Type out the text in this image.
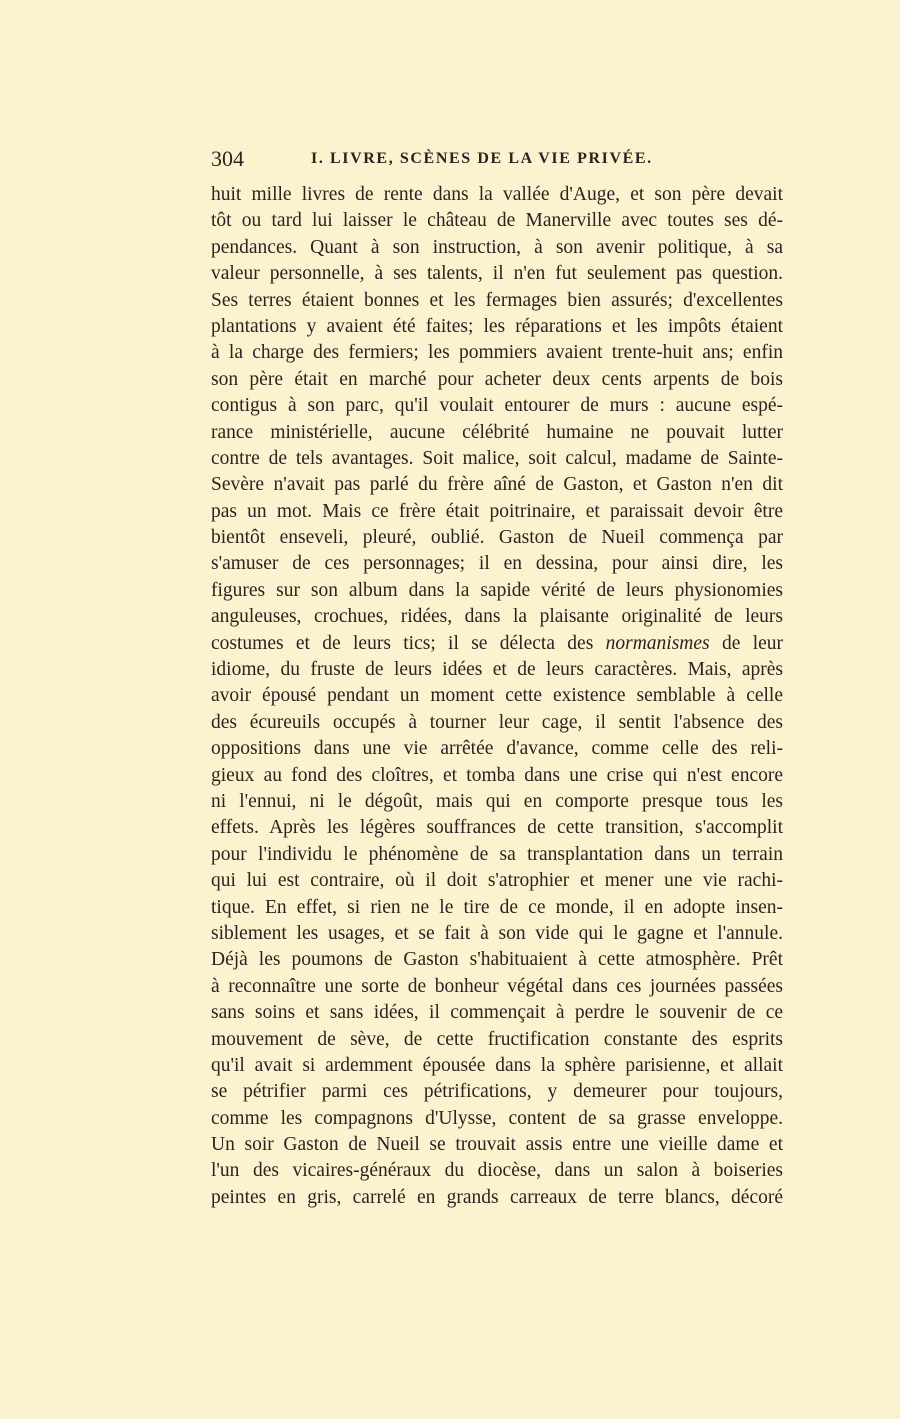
304	I. LIVRE, SCÈNES DE LA VIE PRIVÉE.
huit mille livres de rente dans la vallée d'Auge, et son père devait
tôt ou tard lui laisser le château de Manerville avec toutes ses dé-
pendances. Quant à son instruction, à son avenir politique, à sa
valeur personnelle, à ses talents, il n'en fut seulement pas question.
Ses terres étaient bonnes et les fermages bien assurés; d'excellentes
plantations y avaient été faites; les réparations et les impôts étaient
à la charge des fermiers; les pommiers avaient trente-huit ans; enfin
son père était en marché pour acheter deux cents arpents de bois
contigus à son parc, qu'il voulait entourer de murs : aucune espé-
rance ministérielle, aucune célébrité humaine ne pouvait lutter
contre de tels avantages. Soit malice, soit calcul, madame de Sainte-
Sevère n'avait pas parlé du frère aîné de Gaston, et Gaston n'en dit
pas un mot. Mais ce frère était poitrinaire, et paraissait devoir être
bientôt enseveli, pleuré, oublié. Gaston de Nueil commença par
s'amuser de ces personnages; il en dessina, pour ainsi dire, les
figures sur son album dans la sapide vérité de leurs physionomies
anguleuses, crochues, ridées, dans la plaisante originalité de leurs
costumes et de leurs tics; il se délecta des normanismes de leur
idiome, du fruste de leurs idées et de leurs caractères. Mais, après
avoir épousé pendant un moment cette existence semblable à celle
des écureuils occupés à tourner leur cage, il sentit l'absence des
oppositions dans une vie arrêtée d'avance, comme celle des reli-
gieux au fond des cloîtres, et tomba dans une crise qui n'est encore
ni l'ennui, ni le dégoût, mais qui en comporte presque tous les
effets. Après les légères souffrances de cette transition, s'accomplit
pour l'individu le phénomène de sa transplantation dans un terrain
qui lui est contraire, où il doit s'atrophier et mener une vie rachi-
tique. En effet, si rien ne le tire de ce monde, il en adopte insen-
siblement les usages, et se fait à son vide qui le gagne et l'annule.
Déjà les poumons de Gaston s'habituaient à cette atmosphère. Prêt
à reconnaître une sorte de bonheur végétal dans ces journées passées
sans soins et sans idées, il commençait à perdre le souvenir de ce
mouvement de sève, de cette fructification constante des esprits
qu'il avait si ardemment épousée dans la sphère parisienne, et allait
se pétrifier parmi ces pétrifications, y demeurer pour toujours,
comme les compagnons d'Ulysse, content de sa grasse enveloppe.
Un soir Gaston de Nueil se trouvait assis entre une vieille dame et
l'un des vicaires-généraux du diocèse, dans un salon à boiseries
peintes en gris, carrelé en grands carreaux de terre blancs, décoré
